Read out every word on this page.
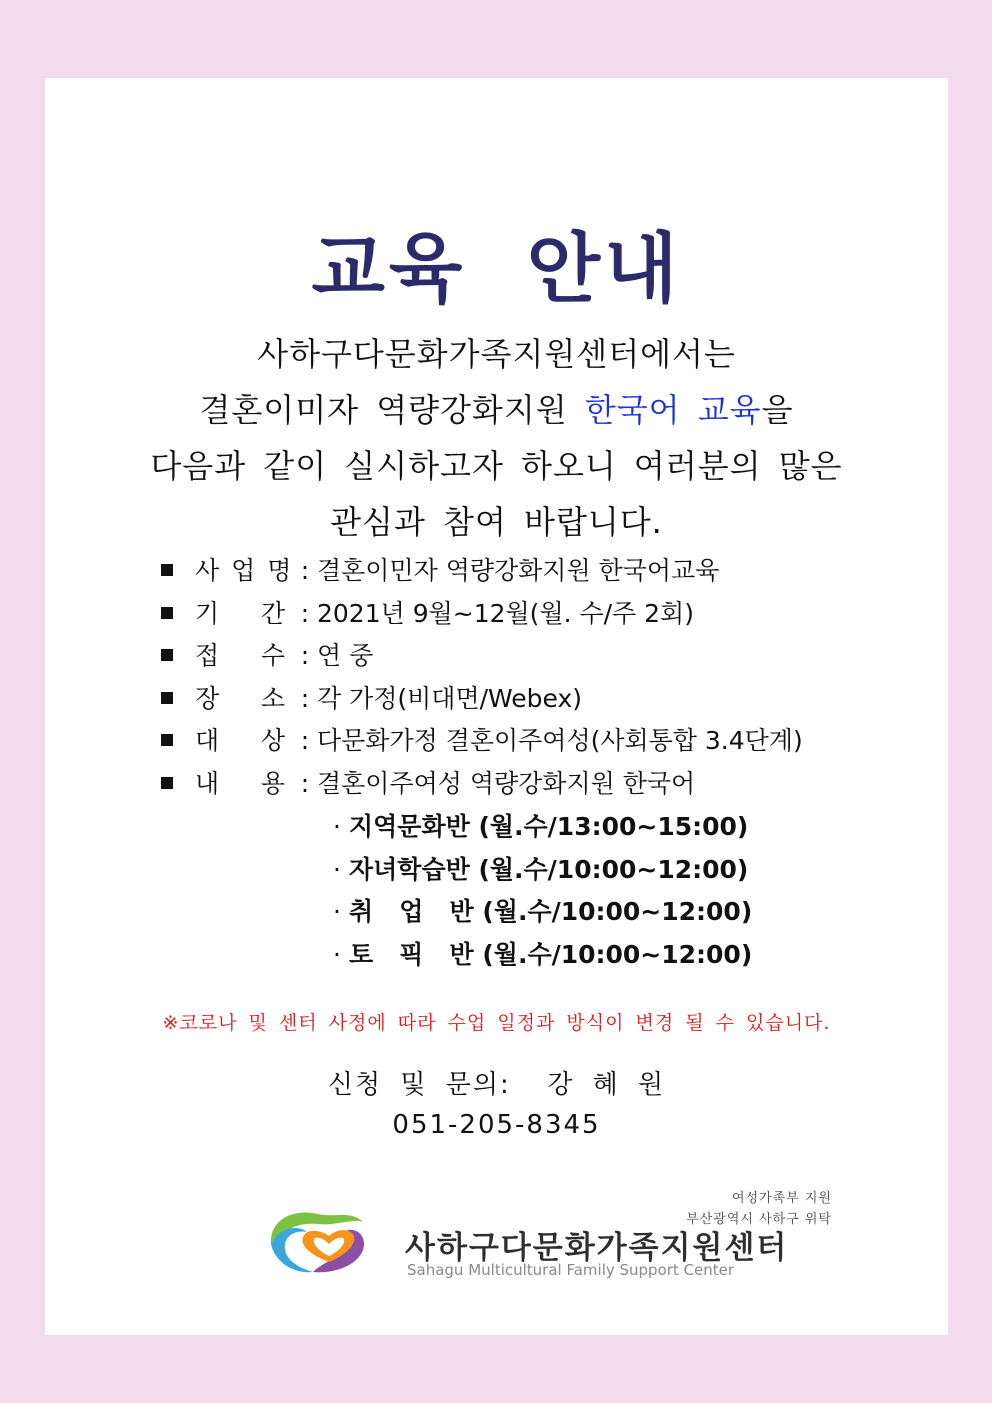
교육 안내
사하구다문화가족지원센터에서는
결혼이미자 역량강화지원 한국어 교육을
다음과 같이 실시하고자 하오니 여러분의 많은
관심과 참여 바랍니다.
사 업 명 : 결혼이민자 역량강화지원 한국어교육
기    간 : 2021년 9월~12월(월. 수/주 2회)
접    수 : 연 중
장    소 : 각 가정(비대면/Webex)
대    상 : 다문화가정 결혼이주여성(사회통합 3.4단계)
내    용 : 결혼이주여성 역량강화지원 한국어
· 지역문화반 (월.수/13:00~15:00)
· 자녀학습반 (월.수/10:00~12:00)
· 취   업   반 (월.수/10:00~12:00)
· 토   픽   반 (월.수/10:00~12:00)
※코로나 및 센터 사정에 따라 수업 일정과 방식이 변경 될 수 있습니다.
신청 및 문의:  강 혜 원
051-205-8345
여성가족부 지원
부산광역시 사하구 위탁
사하구다문화가족지원센터
Sahagu Multicultural Family Support Center
